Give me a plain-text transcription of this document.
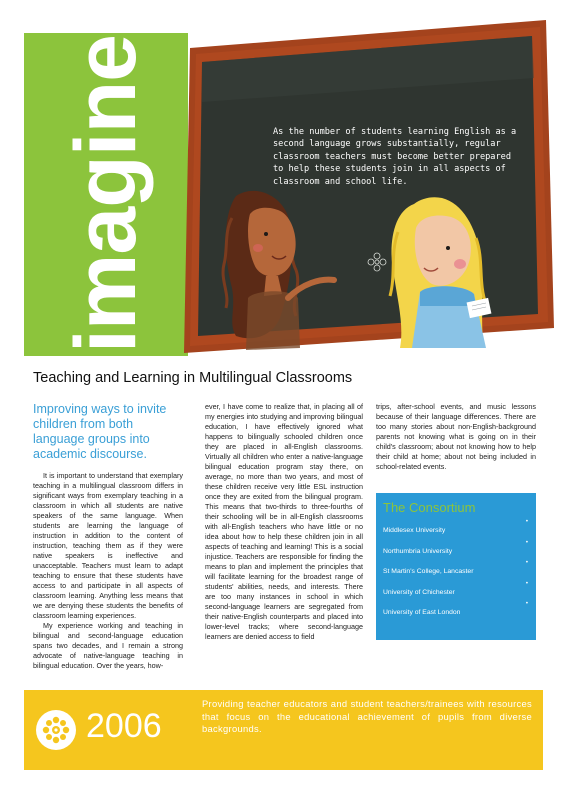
imagine	As the number of students learning English as a second language grows substantially, regular classroom teachers must become better prepared to help these students join in all aspects of classroom and school life.
Teaching and Learning in Multilingual Classrooms
Improving ways to invite children from both language groups into academic discourse.

It is important to understand that exemplary teaching in a multilingual classroom differs in significant ways from exemplary teaching in a classroom in which all students are native speakers of the same language. When students are learning the language of instruction in addition to the content of instruction, teaching them as if they were native speakers is ineffective and unacceptable. Teachers must learn to adapt teaching to ensure that these students have access to and participate in all aspects of classroom learning. Anything less means that we are denying these students the benefits of classroom learning experiences.

My experience working and teaching in bilingual and second-language education spans two decades, and I remain a strong advocate of native-language teaching in bilingual education. Over the years, how-

ever, I have come to realize that, in placing all of my energies into studying and improving bilingual education, I have effectively ignored what happens to bilingually schooled children once they are placed in all-English classrooms. Virtually all children who enter a native-language bilingual education program stay there, on average, no more than two years, and most of these children receive very little ESL instruction once they are exited from the bilingual program. This means that two-thirds to three-fourths of their schooling will be in all-English classrooms with all-English teachers who have little or no idea about how to help these children join in all aspects of teaching and learning! This is a social injustice. Teachers are responsible for finding the means to plan and implement the principles that will facilitate learning for the broadest range of students' abilities, needs, and interests. There are too many instances in school in which second-language learners are segregated from their native-English counterparts and placed into lower-level tracks; where second-language learners are denied access to field

trips, after-school events, and music lessons because of their language differences. There are too many stories about non-English-background parents not knowing what is going on in their child's classroom; about not knowing how to help their child at home; about not being included in school-related events.

The Consortium
Middlesex University
•
Northumbria University
•
St Martin's College, Lancaster
•
University of Chichester
•
University of East London
•
2006
Providing teacher educators and student teachers/trainees with resources that focus on the educational achievement of pupils from diverse backgrounds.
